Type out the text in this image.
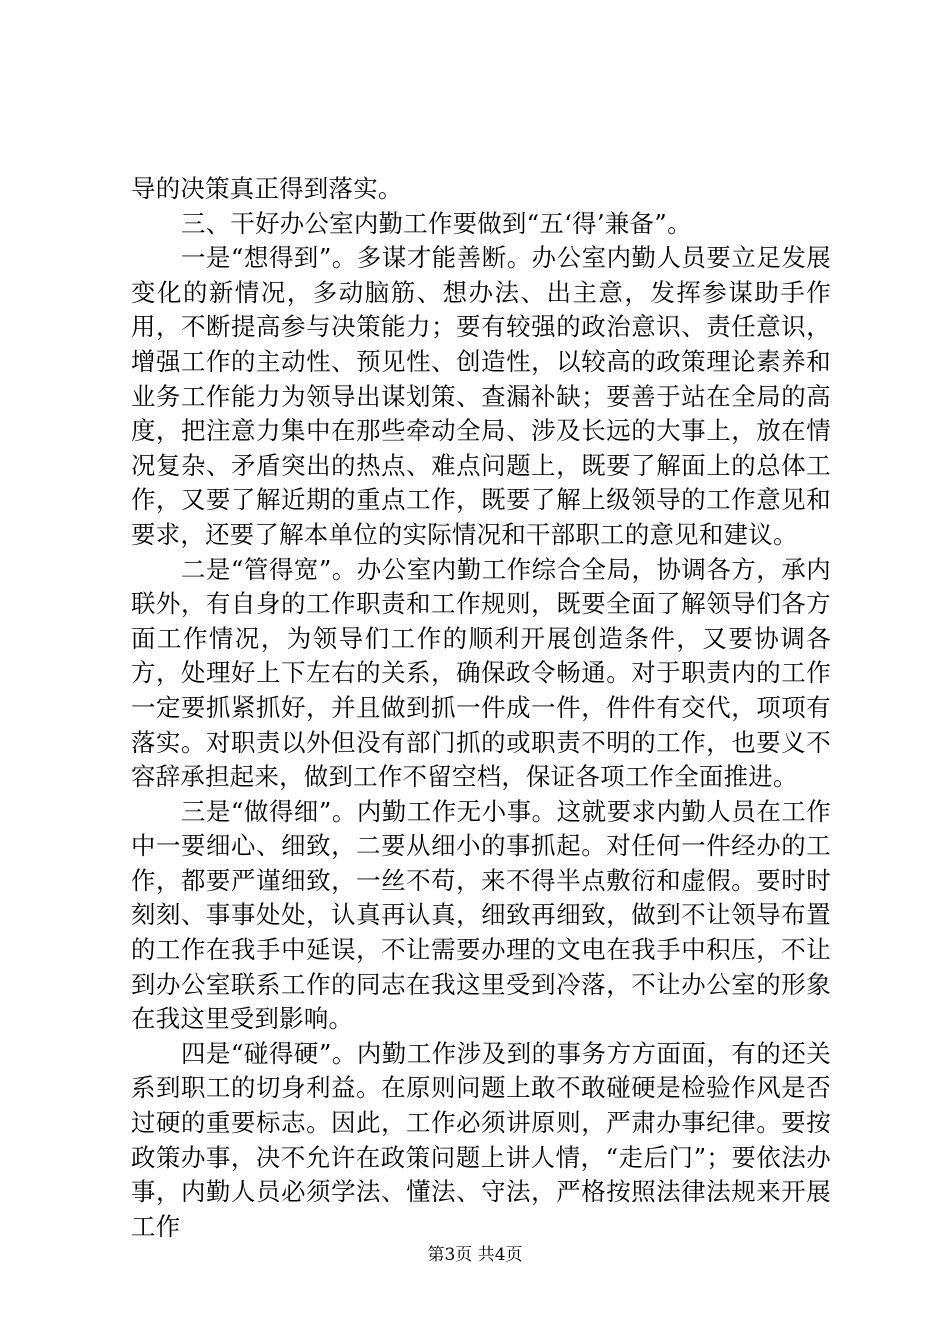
导的决策真正得到落实。

三、干好办公室内勤工作要做到“五‘得’兼备”。

一是“想得到”。多谋才能善断。办公室内勤人员要立足发展变化的新情况，多动脑筋、想办法、出主意，发挥参谋助手作用，不断提高参与决策能力；要有较强的政治意识、责任意识，增强工作的主动性、预见性、创造性，以较高的政策理论素养和业务工作能力为领导出谋划策、查漏补缺；要善于站在全局的高度，把注意力集中在那些牵动全局、涉及长远的大事上，放在情况复杂、矛盾突出的热点、难点问题上，既要了解面上的总体工作，又要了解近期的重点工作，既要了解上级领导的工作意见和要求，还要了解本单位的实际情况和干部职工的意见和建议。

二是“管得宽”。办公室内勤工作综合全局，协调各方，承内联外，有自身的工作职责和工作规则，既要全面了解领导们各方面工作情况，为领导们工作的顺利开展创造条件，又要协调各方，处理好上下左右的关系，确保政令畅通。对于职责内的工作一定要抓紧抓好，并且做到抓一件成一件，件件有交代，项项有落实。对职责以外但没有部门抓的或职责不明的工作，也要义不容辞承担起来，做到工作不留空档，保证各项工作全面推进。

三是“做得细”。内勤工作无小事。这就要求内勤人员在工作中一要细心、细致，二要从细小的事抓起。对任何一件经办的工作，都要严谨细致，一丝不苟，来不得半点敷衍和虚假。要时时刻刻、事事处处，认真再认真，细致再细致，做到不让领导布置的工作在我手中延误，不让需要办理的文电在我手中积压，不让到办公室联系工作的同志在我这里受到冷落，不让办公室的形象在我这里受到影响。

四是“碰得硬”。内勤工作涉及到的事务方方面面，有的还关系到职工的切身利益。在原则问题上敢不敢碰硬是检验作风是否过硬的重要标志。因此，工作必须讲原则，严肃办事纪律。要按政策办事，决不允许在政策问题上讲人情，“走后门”；要依法办事，内勤人员必须学法、懂法、守法，严格按照法律法规来开展工作

第3页 共4页
